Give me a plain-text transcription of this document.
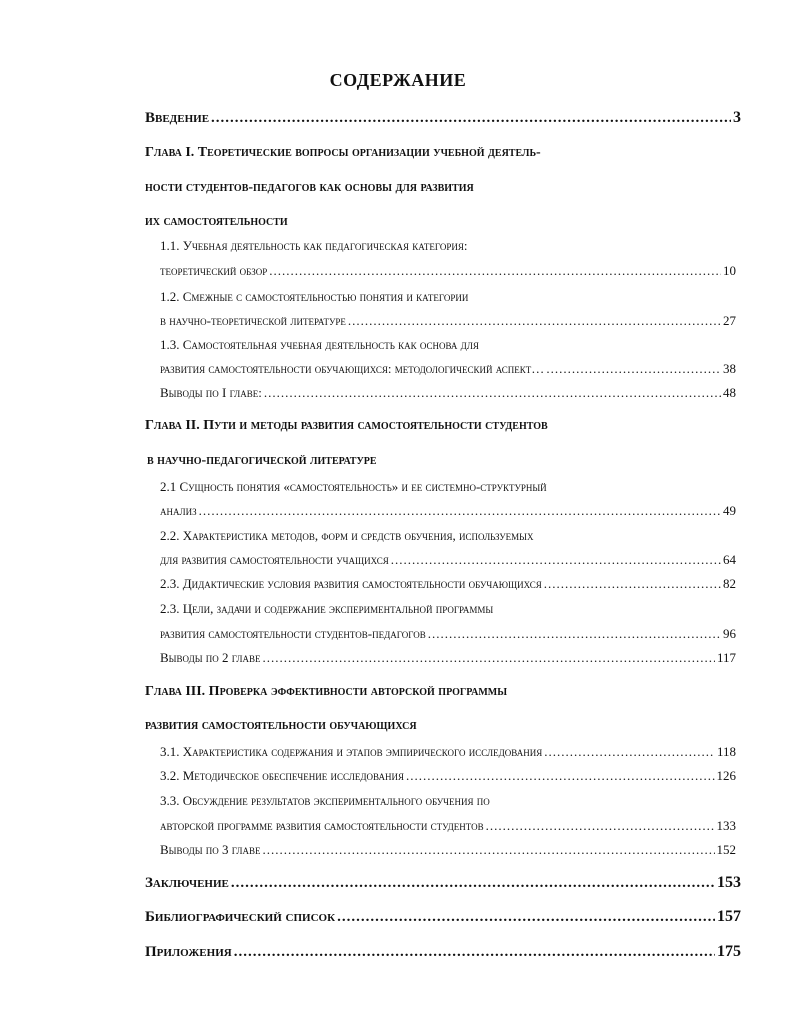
СОДЕРЖАНИЕ
Введение .....	3
Глава I. Теоретические вопросы организации учебной деятель-
ности студентов-педагогов как основы для развития
их самостоятельности
1.1. Учебная деятельность как педагогическая категория:
теоретический обзор .....	10
1.2. Смежные с самостоятельностью понятия и категории
в научно-теоретической литературе .....	27
1.3. Самостоятельная учебная деятельность как основа для
развития самостоятельности обучающихся: методологический аспект… .....	38
Выводы по I главе: .....	48
Глава II. Пути и методы развития самостоятельности студентов
в научно-педагогической литературе
2.1 Сущность понятия «самостоятельность» и ее системно-структурный
анализ .....	49
2.2. Характеристика методов, форм и средств обучения, используемых
для развития самостоятельности учащихся .....	64
2.3. Дидактические условия развития самостоятельности обучающихся .....	82
2.3. Цели, задачи и содержание экспериментальной программы
развития самостоятельности студентов-педагогов .....	96
Выводы по 2 главе .....	117
Глава III. Проверка эффективности авторской программы
развития самостоятельности обучающихся
3.1. Характеристика содержания и этапов эмпирического исследования .....	118
3.2. Методическое обеспечение исследования .....	126
3.3. Обсуждение результатов экспериментального обучения по
авторской программе развития самостоятельности студентов .....	133
Выводы по 3 главе .....	152
Заключение .....	153
Библиографический список .....	157
Приложения .....	175
